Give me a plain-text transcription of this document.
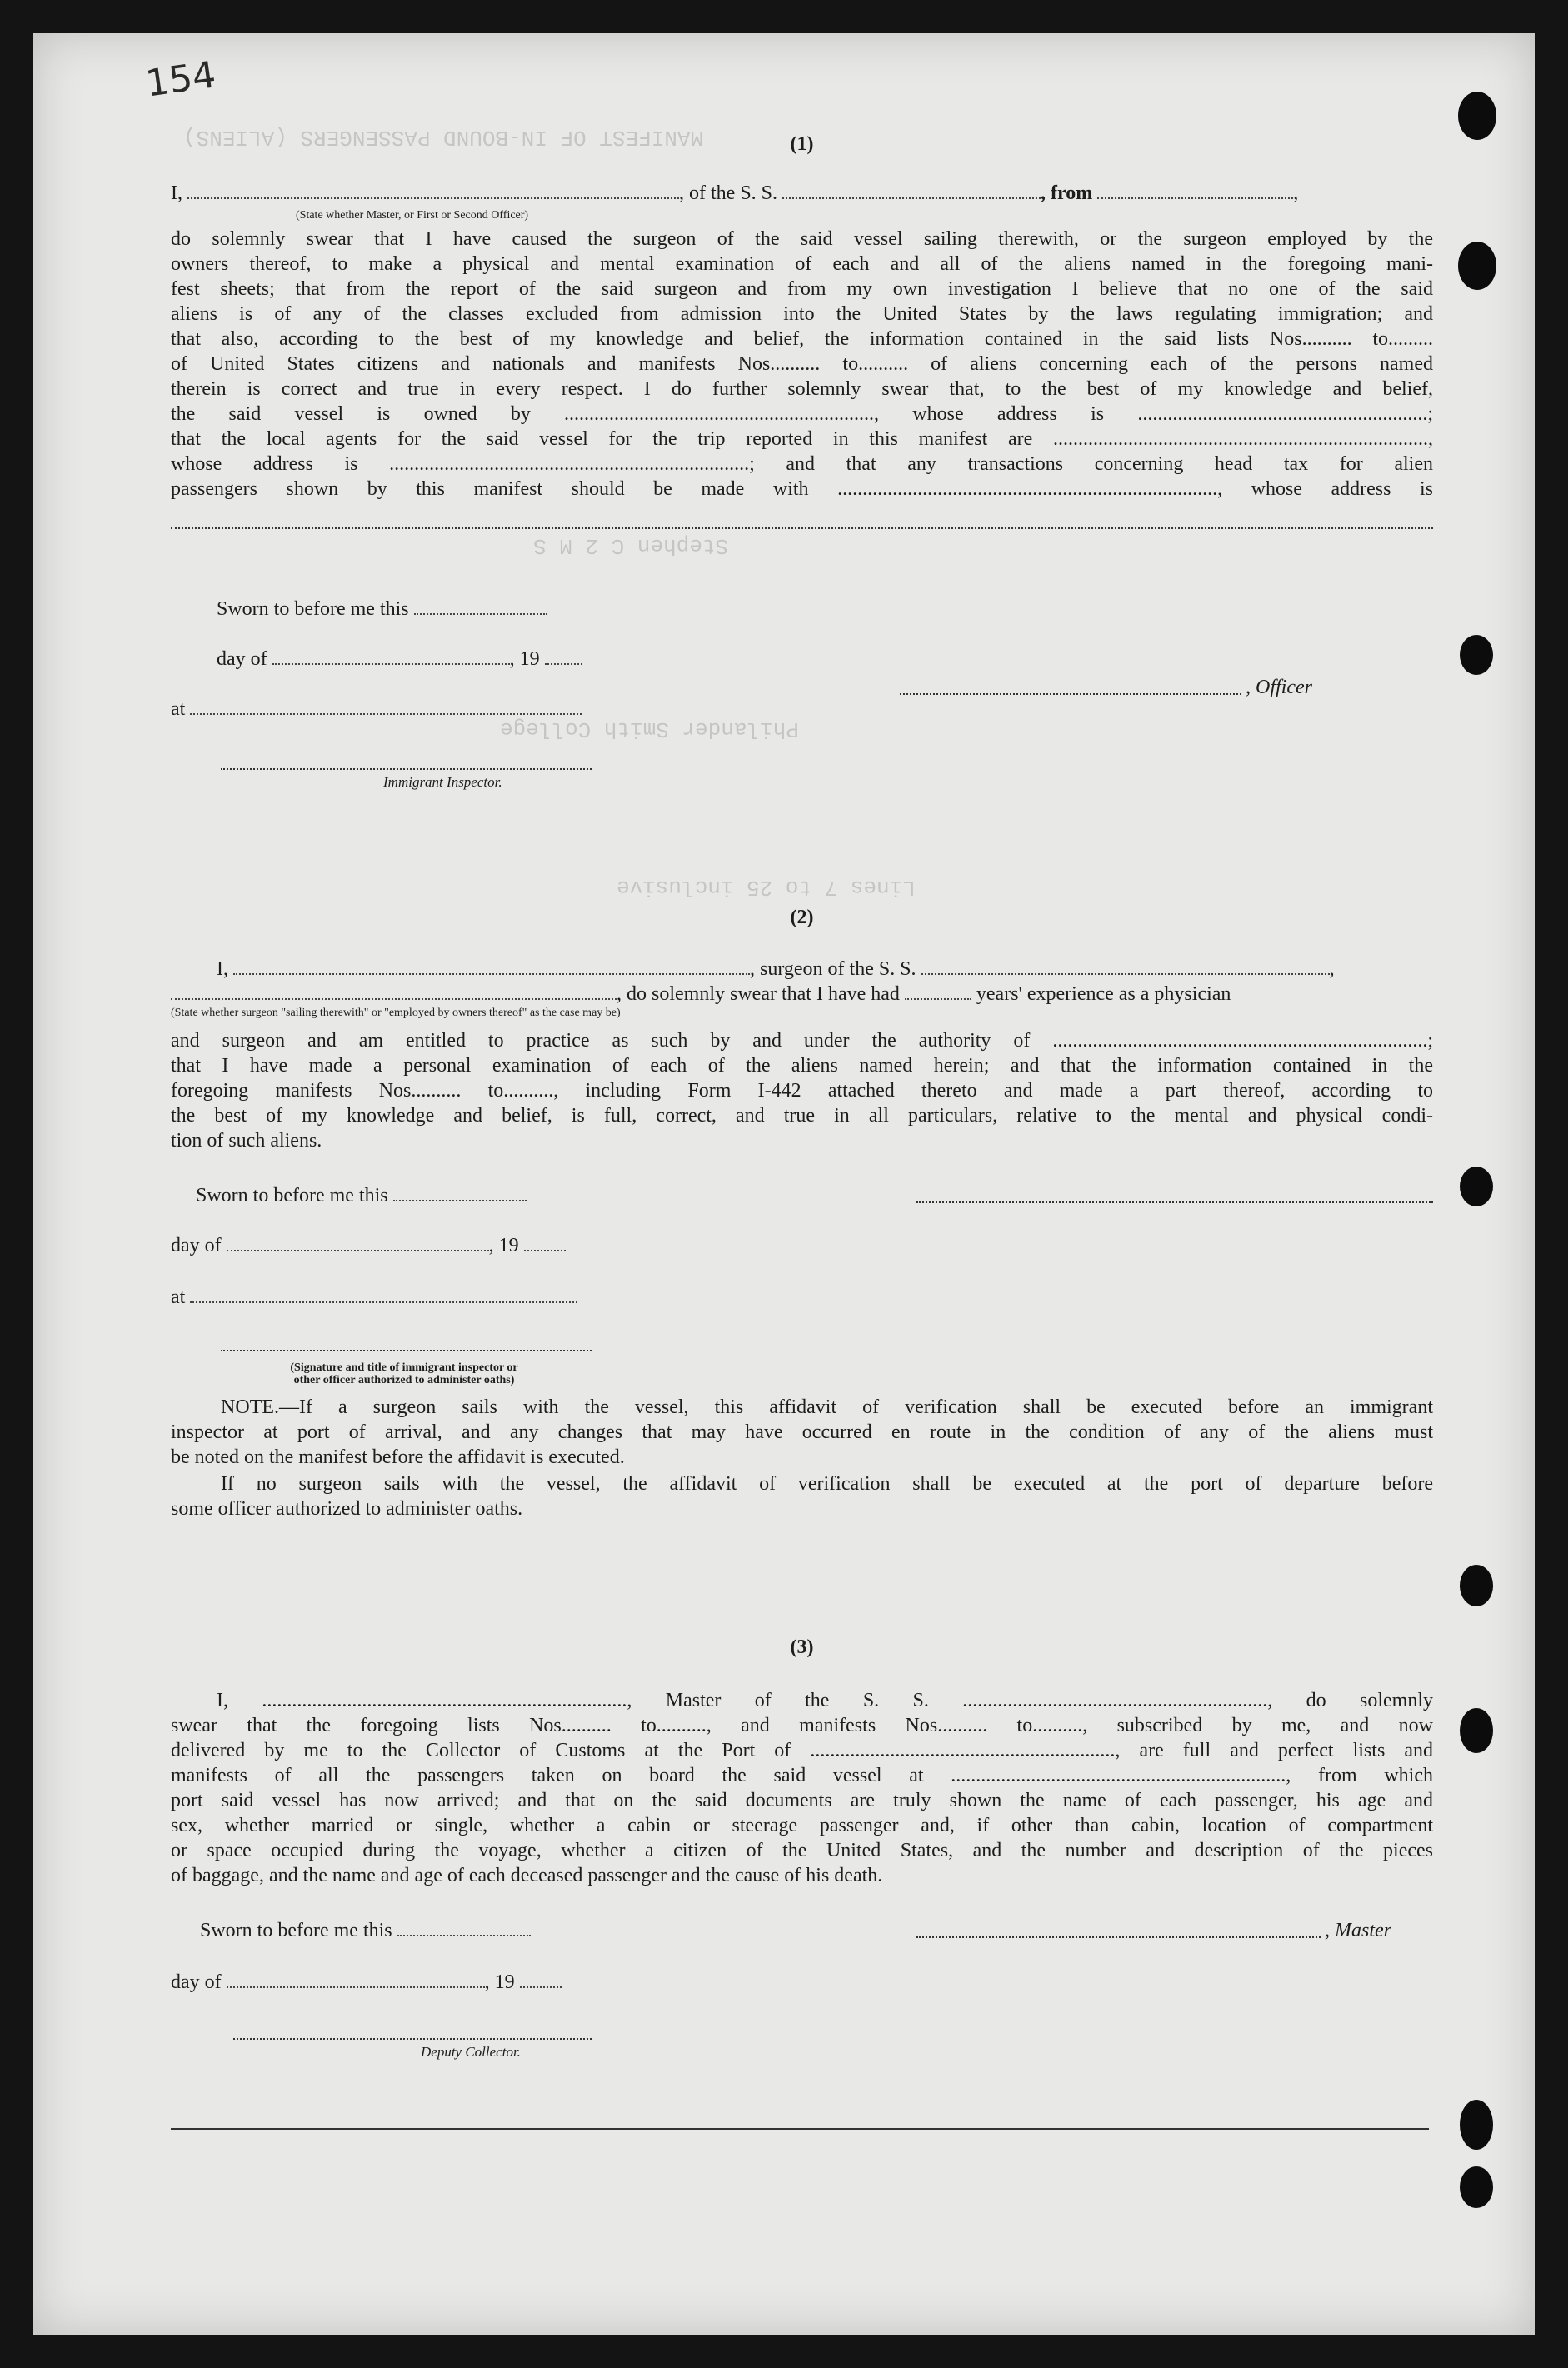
MANIFEST OF IN-BOUND PASSENGERS (ALIENS)
Stephen C 2 M S
Philander Smith College
Lines 7 to 25 inclusive
154
(1)
I,	, of the S. S.	, from	,
(State whether Master, or First or Second Officer)
do solemnly swear that I have caused the surgeon of the said vessel sailing therewith, or the surgeon employed by the
owners thereof, to make a physical and mental examination of each and all of the aliens named in the foregoing mani-
fest sheets; that from the report of the said surgeon and from my own investigation I believe that no one of the said
aliens is of any of the classes excluded from admission into the United States by the laws regulating immigration; and
that also, according to the best of my knowledge and belief, the information contained in the said lists Nos.......... to.........
of United States citizens and nationals and manifests Nos.......... to.......... of aliens concerning each of the persons named
therein is correct and true in every respect. I do further solemnly swear that, to the best of my knowledge and belief,
the said vessel is owned by .............................................................., whose address is ..........................................................;
that the local agents for the said vessel for the trip reported in this manifest are ...........................................................................,
whose address is ........................................................................; and that any transactions concerning head tax for alien
passengers shown by this manifest should be made with ............................................................................, whose address is
Sworn to before me this
day of	, 19
at
, Officer
Immigrant Inspector.
(2)
I,	, surgeon of the S. S.	,
, do solemnly swear that I have had	years' experience as a physician
(State whether surgeon "sailing therewith" or "employed by owners thereof" as the case may be)
and surgeon and am entitled to practice as such by and under the authority of ...........................................................................;
that I have made a personal examination of each of the aliens named herein; and that the information contained in the
foregoing manifests Nos.......... to.........., including Form I-442 attached thereto and made a part thereof, according to
the best of my knowledge and belief, is full, correct, and true in all particulars, relative to the mental and physical condi-
tion of such aliens.
Sworn to before me this
day of	, 19
at
(Signature and title of immigrant inspector or
other officer authorized to administer oaths)
NOTE.—If a surgeon sails with the vessel, this affidavit of verification shall be executed before an immigrant
inspector at port of arrival, and any changes that may have occurred en route in the condition of any of the aliens must
be noted on the manifest before the affidavit is executed.
If no surgeon sails with the vessel, the affidavit of verification shall be executed at the port of departure before
some officer authorized to administer oaths.
(3)
I, ........................................................................., Master of the S. S. ............................................................., do solemnly
swear that the foregoing lists Nos.......... to.........., and manifests Nos.......... to.........., subscribed by me, and now
delivered by me to the Collector of Customs at the Port of ............................................................., are full and perfect lists and
manifests of all the passengers taken on board the said vessel at ..................................................................., from which
port said vessel has now arrived; and that on the said documents are truly shown the name of each passenger, his age and
sex, whether married or single, whether a cabin or steerage passenger and, if other than cabin, location of compartment
or space occupied during the voyage, whether a citizen of the United States, and the number and description of the pieces
of baggage, and the name and age of each deceased passenger and the cause of his death.
Sworn to before me this	, Master
day of	, 19
Deputy Collector.
